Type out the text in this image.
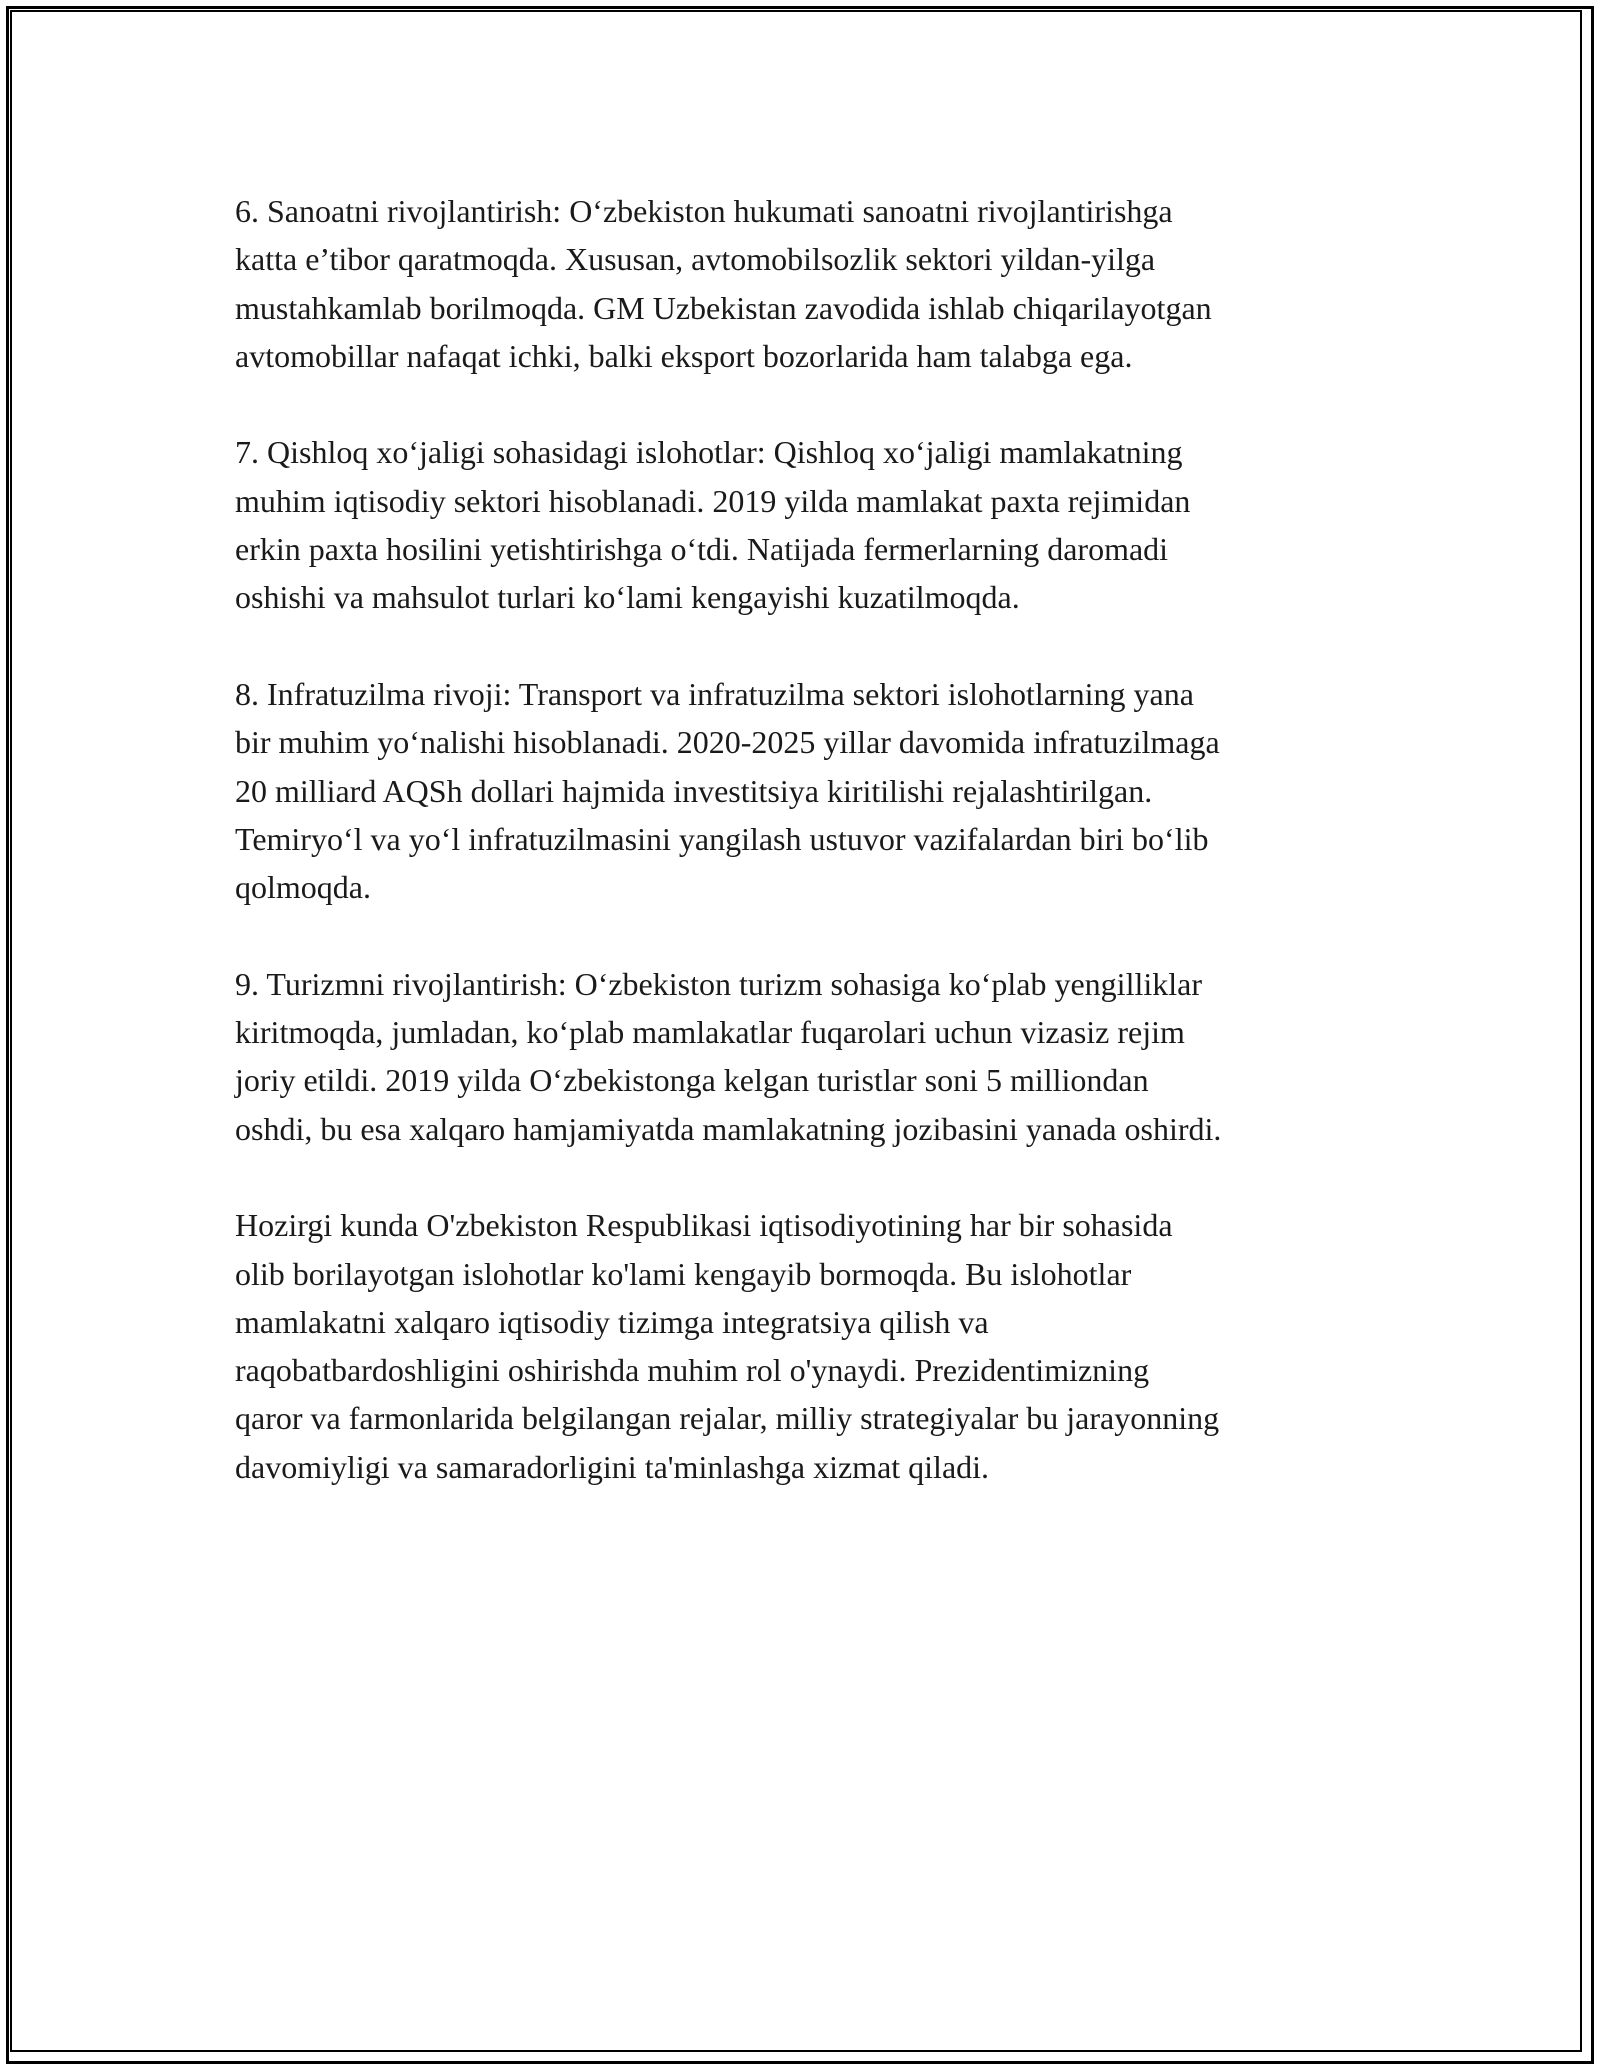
6. Sanoatni rivojlantirish: O‘zbekiston hukumati sanoatni rivojlantirishga
katta e’tibor qaratmoqda. Xususan, avtomobilsozlik sektori yildan-yilga
mustahkamlab borilmoqda. GM Uzbekistan zavodida ishlab chiqarilayotgan
avtomobillar nafaqat ichki, balki eksport bozorlarida ham talabga ega.
7. Qishloq xo‘jaligi sohasidagi islohotlar: Qishloq xo‘jaligi mamlakatning
muhim iqtisodiy sektori hisoblanadi. 2019 yilda mamlakat paxta rejimidan
erkin paxta hosilini yetishtirishga o‘tdi. Natijada fermerlarning daromadi
oshishi va mahsulot turlari ko‘lami kengayishi kuzatilmoqda.
8. Infratuzilma rivoji: Transport va infratuzilma sektori islohotlarning yana
bir muhim yo‘nalishi hisoblanadi. 2020-2025 yillar davomida infratuzilmaga
20 milliard AQSh dollari hajmida investitsiya kiritilishi rejalashtirilgan.
Temiryo‘l va yo‘l infratuzilmasini yangilash ustuvor vazifalardan biri bo‘lib
qolmoqda.
9. Turizmni rivojlantirish: O‘zbekiston turizm sohasiga ko‘plab yengilliklar
kiritmoqda, jumladan, ko‘plab mamlakatlar fuqarolari uchun vizasiz rejim
joriy etildi. 2019 yilda O‘zbekistonga kelgan turistlar soni 5 milliondan
oshdi, bu esa xalqaro hamjamiyatda mamlakatning jozibasini yanada oshirdi.
Hozirgi kunda O'zbekiston Respublikasi iqtisodiyotining har bir sohasida
olib borilayotgan islohotlar ko'lami kengayib bormoqda. Bu islohotlar
mamlakatni xalqaro iqtisodiy tizimga integratsiya qilish va
raqobatbardoshligini oshirishda muhim rol o'ynaydi. Prezidentimizning
qaror va farmonlarida belgilangan rejalar, milliy strategiyalar bu jarayonning
davomiyligi va samaradorligini ta'minlashga xizmat qiladi.
